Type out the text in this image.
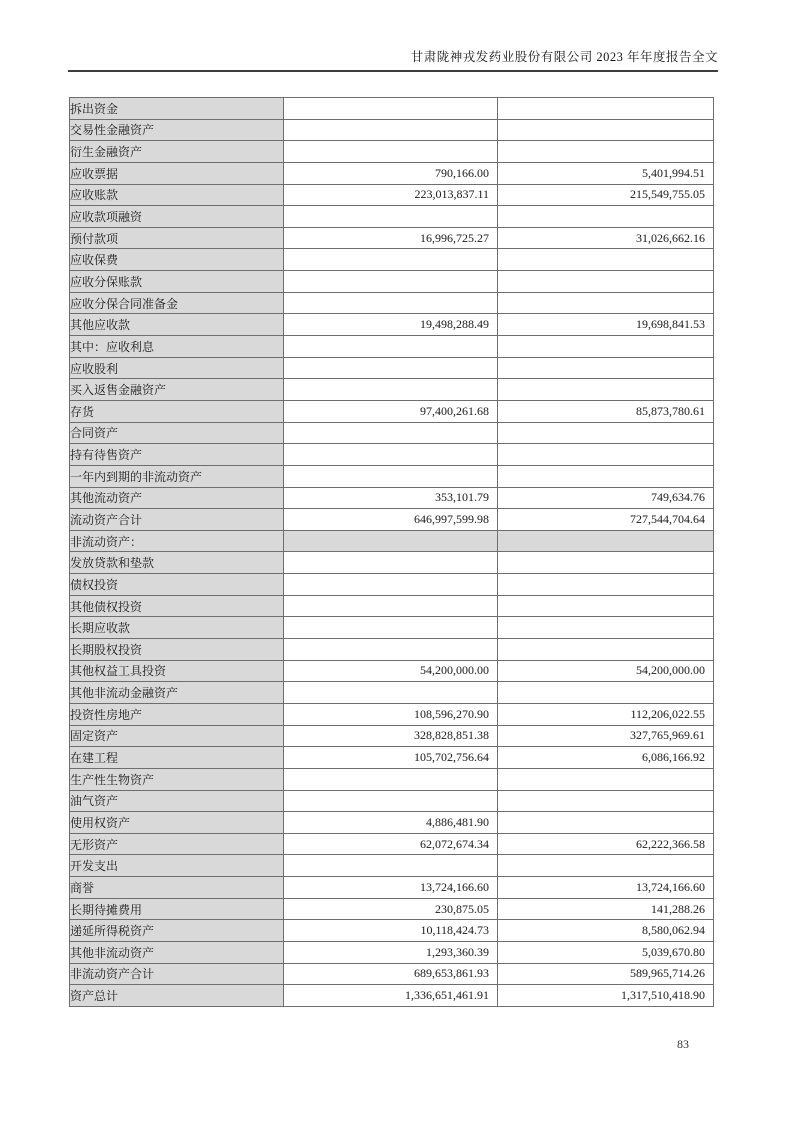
甘肃陇神戎发药业股份有限公司 2023 年年度报告全文
拆出资金		
交易性金融资产		
衍生金融资产		
应收票据	790,166.00	5,401,994.51
应收账款	223,013,837.11	215,549,755.05
应收款项融资		
预付款项	16,996,725.27	31,026,662.16
应收保费		
应收分保账款		
应收分保合同准备金		
其他应收款	19,498,288.49	19,698,841.53
其中：应收利息		
应收股利		
买入返售金融资产		
存货	97,400,261.68	85,873,780.61
合同资产		
持有待售资产		
一年内到期的非流动资产		
其他流动资产	353,101.79	749,634.76
流动资产合计	646,997,599.98	727,544,704.64
非流动资产：		
发放贷款和垫款		
债权投资		
其他债权投资		
长期应收款		
长期股权投资		
其他权益工具投资	54,200,000.00	54,200,000.00
其他非流动金融资产		
投资性房地产	108,596,270.90	112,206,022.55
固定资产	328,828,851.38	327,765,969.61
在建工程	105,702,756.64	6,086,166.92
生产性生物资产		
油气资产		
使用权资产	4,886,481.90	
无形资产	62,072,674.34	62,222,366.58
开发支出		
商誉	13,724,166.60	13,724,166.60
长期待摊费用	230,875.05	141,288.26
递延所得税资产	10,118,424.73	8,580,062.94
其他非流动资产	1,293,360.39	5,039,670.80
非流动资产合计	689,653,861.93	589,965,714.26
资产总计	1,336,651,461.91	1,317,510,418.90
83
